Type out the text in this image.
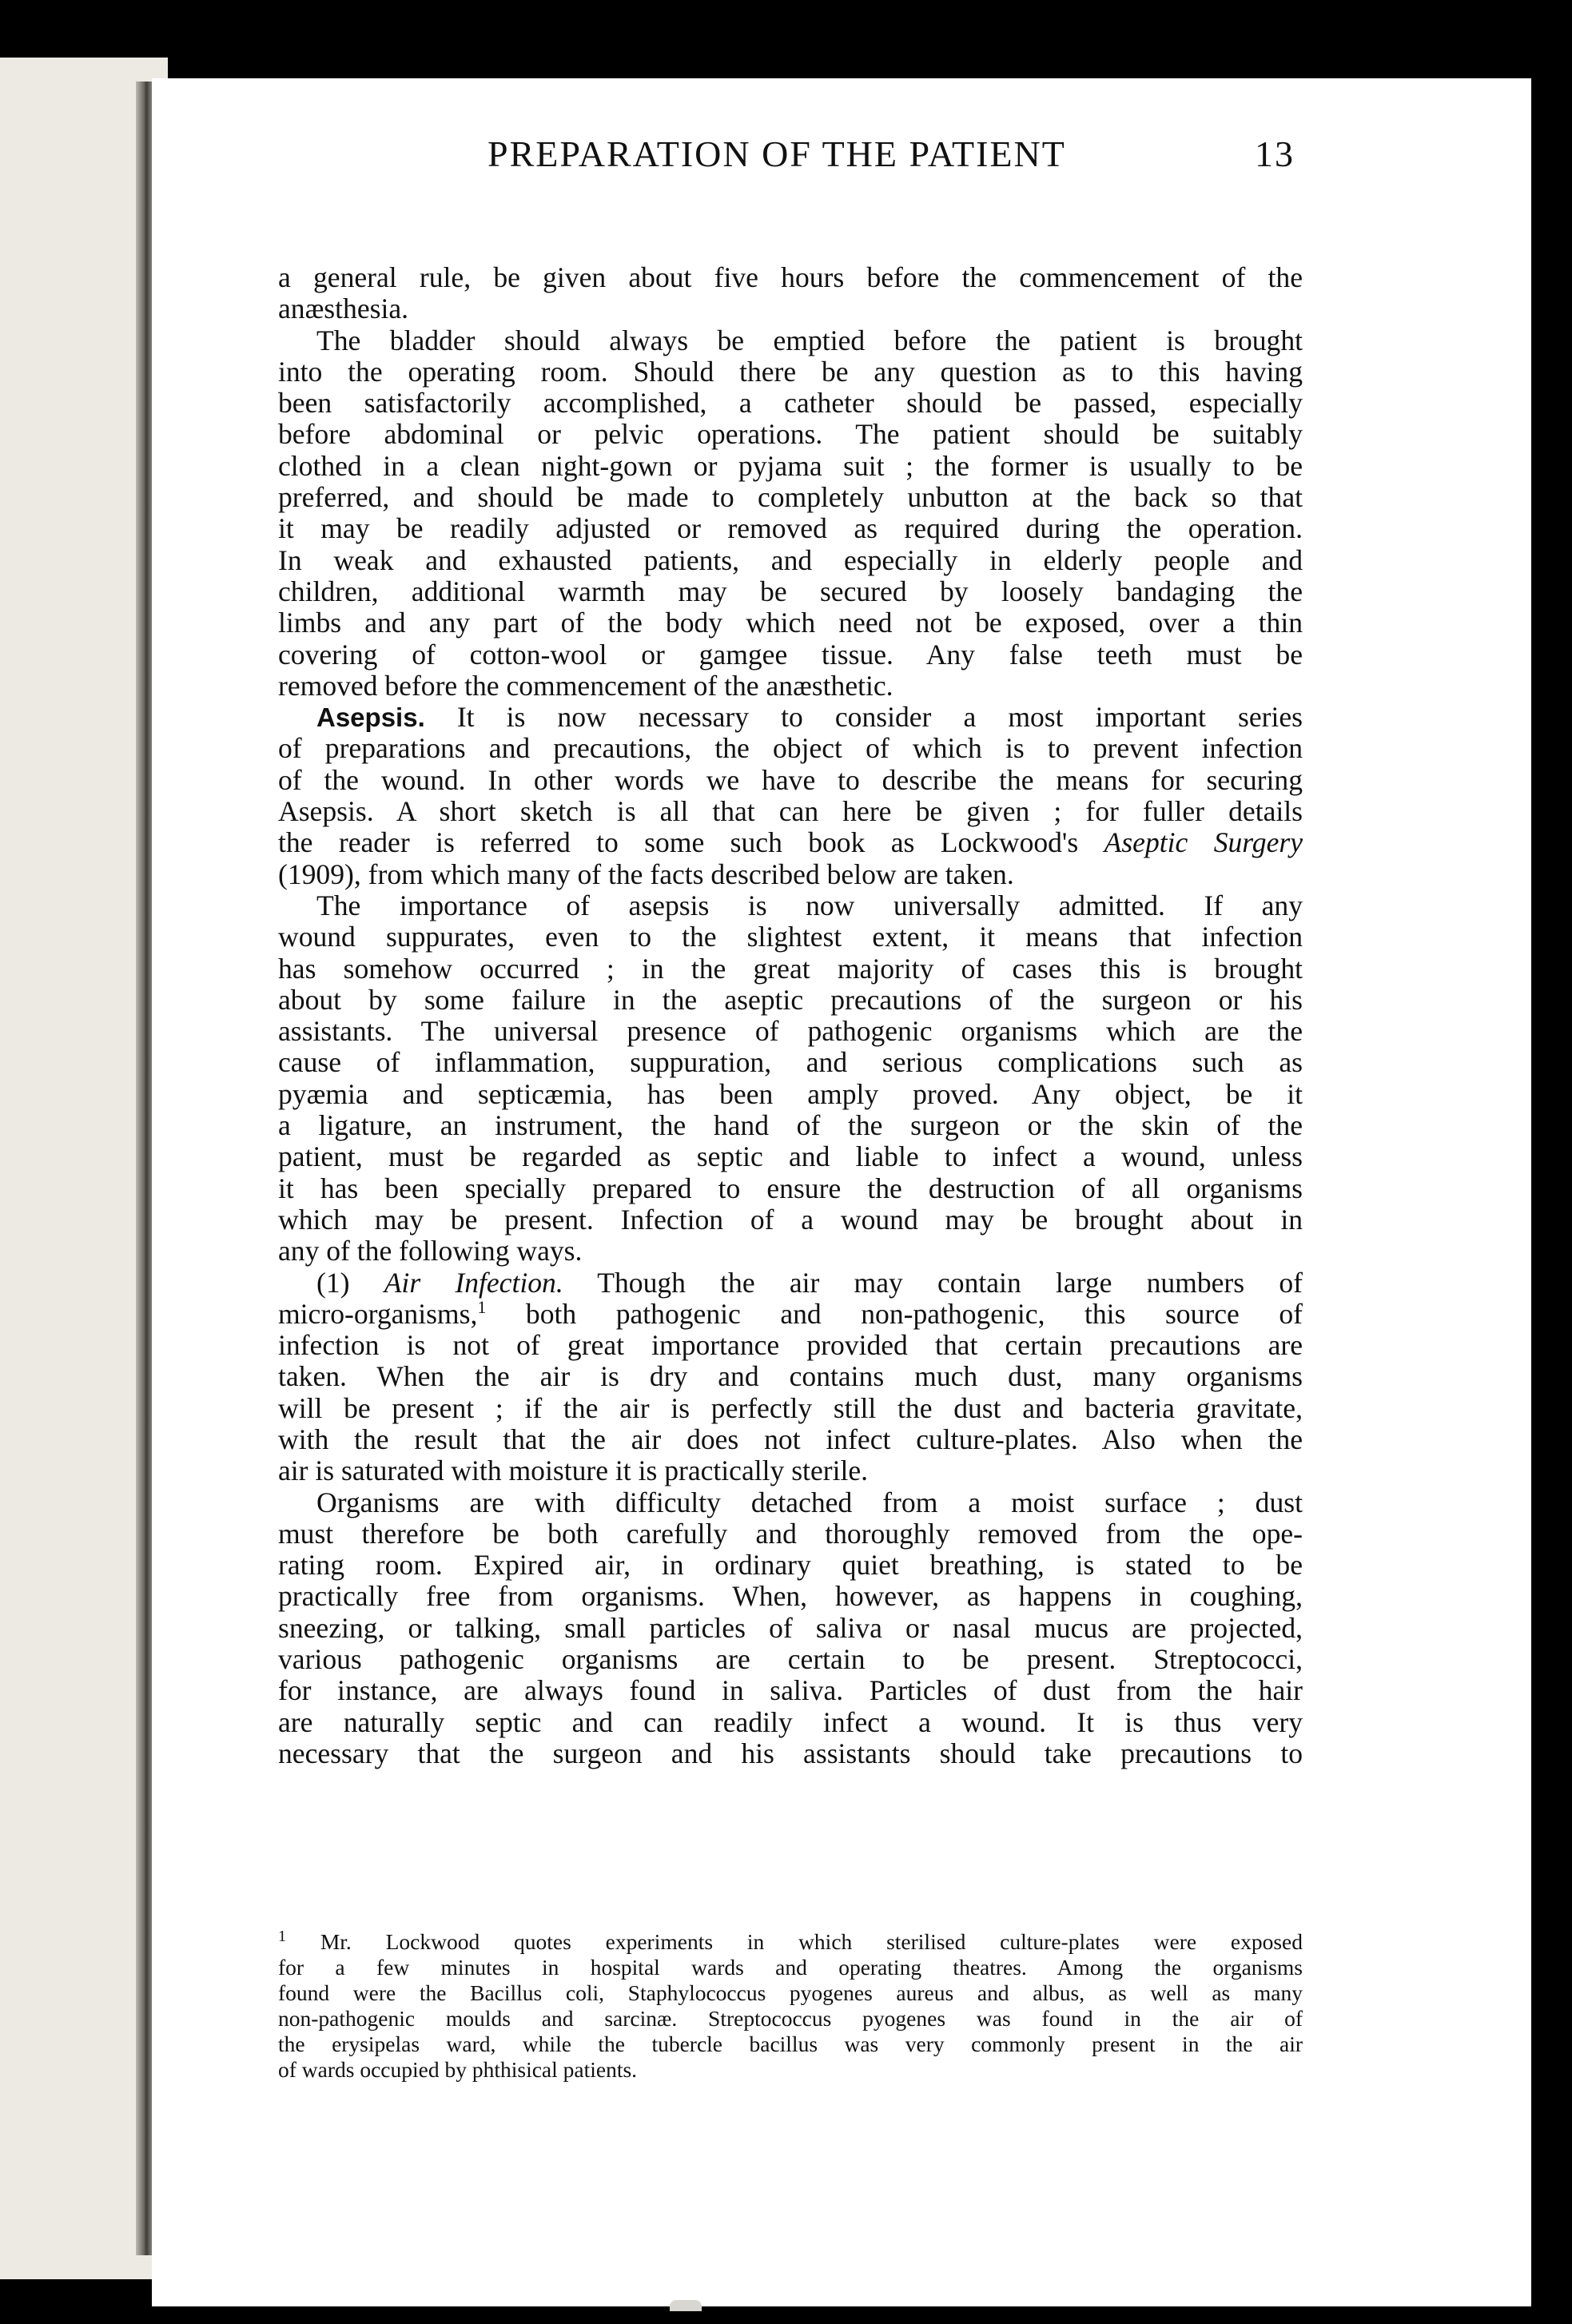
PREPARATION OF THE PATIENT	13

a general rule, be given about five hours before the commencement of the

anæsthesia.

The bladder should always be emptied before the patient is brought

into the operating room. Should there be any question as to this having

been satisfactorily accomplished, a catheter should be passed, especially

before abdominal or pelvic operations. The patient should be suitably

clothed in a clean night-gown or pyjama suit ; the former is usually to be

preferred, and should be made to completely unbutton at the back so that

it may be readily adjusted or removed as required during the operation.

In weak and exhausted patients, and especially in elderly people and

children, additional warmth may be secured by loosely bandaging the

limbs and any part of the body which need not be exposed, over a thin

covering of cotton-wool or gamgee tissue. Any false teeth must be

removed before the commencement of the anæsthetic.

Asepsis. It is now necessary to consider a most important series

of preparations and precautions, the object of which is to prevent infection

of the wound. In other words we have to describe the means for securing

Asepsis. A short sketch is all that can here be given ; for fuller details

the reader is referred to some such book as Lockwood's Aseptic Surgery

(1909), from which many of the facts described below are taken.

The importance of asepsis is now universally admitted. If any

wound suppurates, even to the slightest extent, it means that infection

has somehow occurred ; in the great majority of cases this is brought

about by some failure in the aseptic precautions of the surgeon or his

assistants. The universal presence of pathogenic organisms which are the

cause of inflammation, suppuration, and serious complications such as

pyæmia and septicæmia, has been amply proved. Any object, be it

a ligature, an instrument, the hand of the surgeon or the skin of the

patient, must be regarded as septic and liable to infect a wound, unless

it has been specially prepared to ensure the destruction of all organisms

which may be present. Infection of a wound may be brought about in

any of the following ways.

(1) Air Infection. Though the air may contain large numbers of

micro-organisms,$^1$ both pathogenic and non-pathogenic, this source of

infection is not of great importance provided that certain precautions are

taken. When the air is dry and contains much dust, many organisms

will be present ; if the air is perfectly still the dust and bacteria gravitate,

with the result that the air does not infect culture-plates. Also when the

air is saturated with moisture it is practically sterile.

Organisms are with difficulty detached from a moist surface ; dust

must therefore be both carefully and thoroughly removed from the ope-

rating room. Expired air, in ordinary quiet breathing, is stated to be

practically free from organisms. When, however, as happens in coughing,

sneezing, or talking, small particles of saliva or nasal mucus are projected,

various pathogenic organisms are certain to be present. Streptococci,

for instance, are always found in saliva. Particles of dust from the hair

are naturally septic and can readily infect a wound. It is thus very

necessary that the surgeon and his assistants should take precautions to

$^1$ Mr. Lockwood quotes experiments in which sterilised culture-plates were exposed
for a few minutes in hospital wards and operating theatres. Among the organisms
found were the Bacillus coli, Staphylococcus pyogenes aureus and albus, as well as many
non-pathogenic moulds and sarcinæ. Streptococcus pyogenes was found in the air of
the erysipelas ward, while the tubercle bacillus was very commonly present in the air
of wards occupied by phthisical patients.
